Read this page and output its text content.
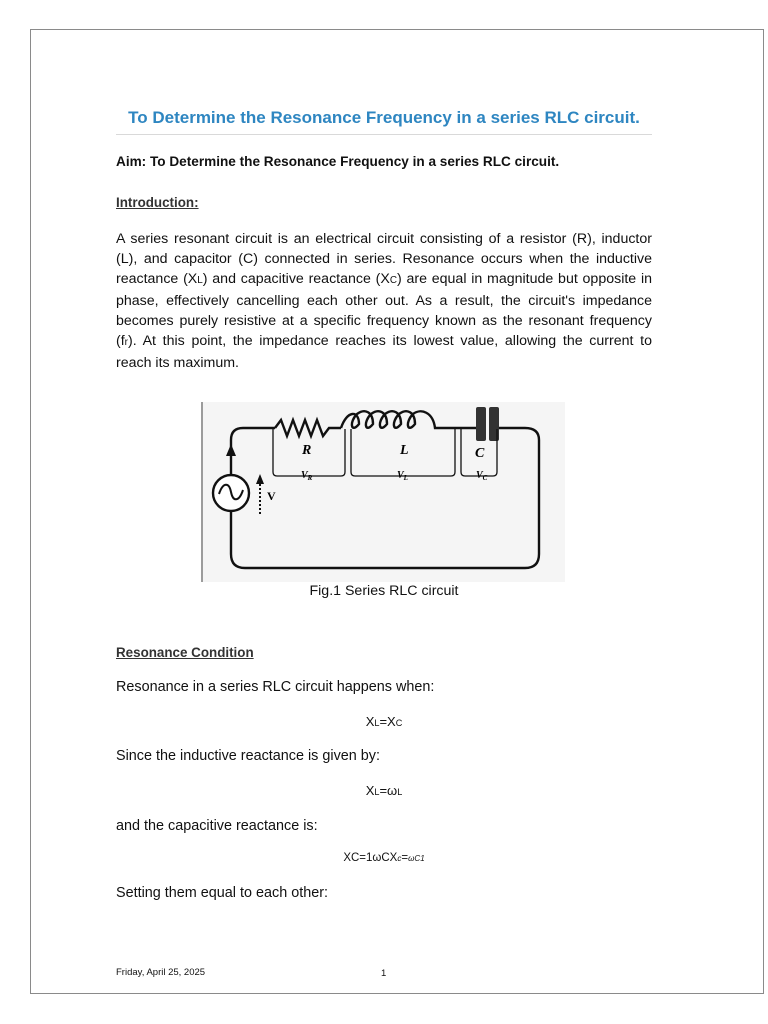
To Determine the Resonance Frequency in a series RLC circuit.
Aim: To Determine the Resonance Frequency in a series RLC circuit.
Introduction:

A series resonant circuit is an electrical circuit consisting of a resistor (R), inductor (L), and capacitor (C) connected in series. Resonance occurs when the inductive reactance (XL) and capacitive reactance (XC) are equal in magnitude but opposite in phase, effectively cancelling each other out. As a result, the circuit's impedance becomes purely resistive at a specific frequency known as the resonant frequency (fr). At this point, the impedance reaches its lowest value, allowing the current to reach its maximum.

V
R	L	C
$V_R$	$V_L$	$V_C$
Fig.1 Series RLC circuit
Resonance Condition
Resonance in a series RLC circuit happens when:
XL=XC
Since the inductive reactance is given by:
XL=ωL
and the capacitive reactance is:
XC=1ωCXc=ωC1
Setting them equal to each other:
Friday, April 25, 2025	1
